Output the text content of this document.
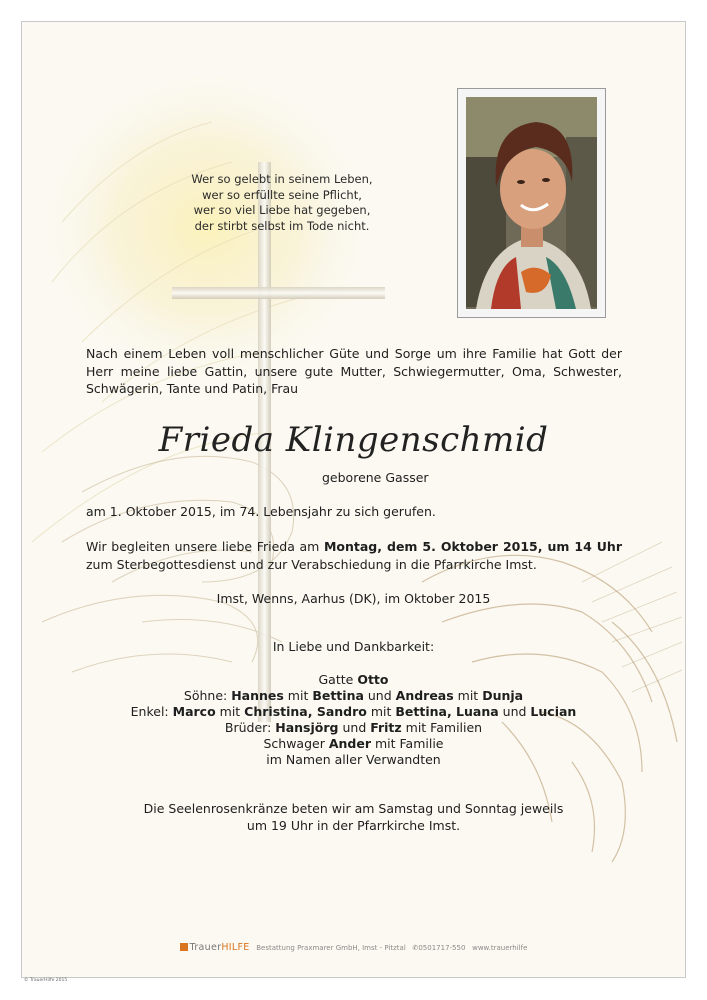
Wer so gelebt in seinem Leben,
wer so erfüllte seine Pflicht,
wer so viel Liebe hat gegeben,
der stirbt selbst im Tode nicht.
Nach einem Leben voll menschlicher Güte und Sorge um ihre Familie hat Gott der Herr meine liebe Gattin, unsere gute Mutter, Schwiegermutter, Oma, Schwester, Schwägerin, Tante und Patin, Frau
Frieda Klingenschmid
geborene Gasser
am 1. Oktober 2015, im 74. Lebensjahr zu sich gerufen.
Wir begleiten unsere liebe Frieda am Montag, dem 5. Oktober 2015, um 14 Uhr zum Sterbegottesdienst und zur Verabschiedung in die Pfarrkirche Imst.
Imst, Wenns, Aarhus (DK), im Oktober 2015
In Liebe und Dankbarkeit:
Gatte Otto
Söhne: Hannes mit Bettina und Andreas mit Dunja
Enkel: Marco mit Christina, Sandro mit Bettina, Luana und Lucian
Brüder: Hansjörg und Fritz mit Familien
Schwager Ander mit Familie
im Namen aller Verwandten
Die Seelenrosenkränze beten wir am Samstag und Sonntag jeweils
um 19 Uhr in der Pfarrkirche Imst.
TrauerHILFE Bestattung Praxmarer GmbH, Imst - Pitztal ✆0501717-550 www.trauerhilfe
© TrauerHilfe 2015
